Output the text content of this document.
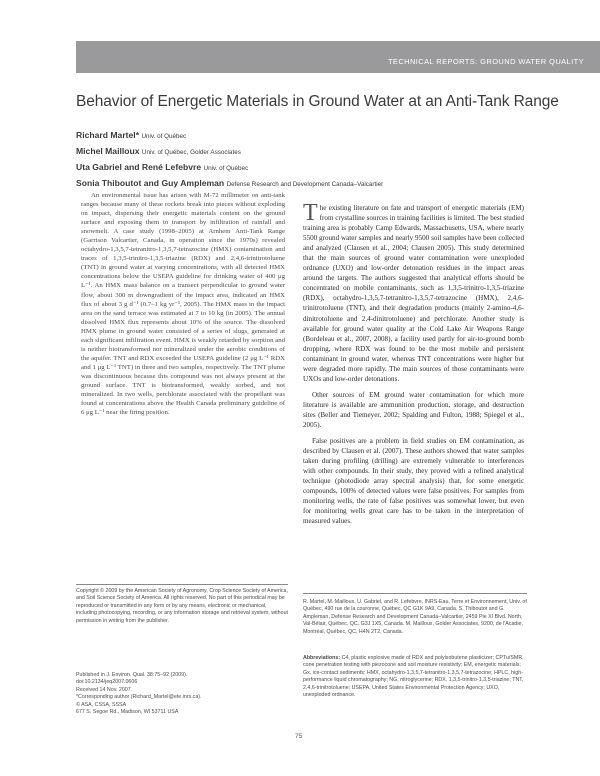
TECHNICAL REPORTS: GROUND WATER QUALITY
Behavior of Energetic Materials in Ground Water at an Anti-Tank Range
Richard Martel* Univ. of Québec
Michel Mailloux Univ. of Québec, Golder Associates
Uta Gabriel and René Lefebvre Univ. of Québec
Sonia Thiboutot and Guy Ampleman Defense Research and Development Canada–Valcartier

An environmental issue has arisen with M-72 millimeter on anti-tank ranges because many of these rockets break into pieces without exploding on impact, dispersing their energetic materials content on the ground surface and exposing them to transport by infiltration of rainfall and snowmelt. A case study (1998–2005) at Arnhem Anti-Tank Range (Garrison Valcartier, Canada, in operation since the 1970s) revealed octahydro-1,3,5,7-tetranitro-1,3,5,7-tetrazocine (HMX) contamination and traces of 1,3,5-trinitro-1,3,5-triazine (RDX) and 2,4,6-trinitrotoluene (TNT) in ground water at varying concentrations, with all detected HMX concentrations below the USEPA guideline for drinking water of 400 μg L⁻¹. An HMX mass balance on a transect perpendicular to ground water flow, about 300 m downgradient of the impact area, indicated an HMX flux of about 3 g d⁻¹ (0.7–1 kg yr⁻¹, 2005). The HMX mass in the impact area on the sand terrace was estimated at 7 to 10 kg (in 2005). The annual dissolved HMX flux represents about 10% of the source. The dissolved HMX plume in ground water consisted of a series of slugs, generated at each significant infiltration event. HMX is weakly retarded by sorption and is neither biotransformed nor mineralized under the aerobic conditions of the aquifer. TNT and RDX exceeded the USEPA guideline (2 μg L⁻¹ RDX and 1 μg L⁻¹ TNT) in three and two samples, respectively. The TNT plume was discontinuous because this compound was not always present at the ground surface. TNT is biotransformed, weakly sorbed, and not mineralized. In two wells, perchlorate associated with the propellant was found at concentrations above the Health Canada preliminary guideline of 6 μg L⁻¹ near the firing position.

The existing literature on fate and transport of energetic materials (EM) from crystalline sources in training facilities is limited. The best studied training area is probably Camp Edwards, Massachusetts, USA, where nearly 5500 ground water samples and nearly 9500 soil samples have been collected and analyzed (Clausen et al., 2004; Clausen 2005). This study determined that the main sources of ground water contamination were unexploded ordnance (UXO) and low-order detonation residues in the impact areas around the targets. The authors suggested that analytical efforts should be concentrated on mobile contaminants, such as 1,3,5-trinitro-1,3,5-triazine (RDX), octahydro-1,3,5,7-tetranitro-1,3,5,7-tetrazocine (HMX), 2,4,6-trinitrotoluene (TNT), and their degradation products (mainly 2-amino-4,6-dinitrotoluene and 2,4-dinitrotoluene) and perchlorate. Another study is available for ground water quality at the Cold Lake Air Weapons Range (Bordeleau et al., 2007, 2008), a facility used partly for air-to-ground bomb dropping, where RDX was found to be the most mobile and persistent contaminant in ground water, whereas TNT concentrations were higher but were degraded more rapidly. The main sources of those contaminants were UXOs and low-order detonations.

Other sources of EM ground water contamination for which more literature is available are ammunition production, storage, and destruction sites (Beller and Tiemeyer, 2002; Spalding and Fulton, 1988; Spiegel et al., 2005).

False positives are a problem in field studies on EM contamination, as described by Clausen et al. (2007). These authors showed that water samples taken during profiling (drilling) are extremely vulnerable to interferences with other compounds. In their study, they proved with a refined analytical technique (photodiode array spectral analysis) that, for some energetic compounds, 100% of detected values were false positives. For samples from monitoring wells, the rate of false positives was somewhat lower, but even for monitoring wells great care has to be taken in the interpretation of measured values.

Copyright © 2009 by the American Society of Agronomy, Crop Science Society of America, and Soil Science Society of America. All rights reserved. No part of this periodical may be reproduced or transmitted in any form or by any means, electronic or mechanical, including photocopying, recording, or any information storage and retrieval system, without permission in writing from the publisher.

Published in J. Environ. Qual. 38:75–92 (2009).
doi:10.2134/jeq2007.0606
Received 14 Nov. 2007.
*Corresponding author (Richard_Martel@ete.inrs.ca).
© ASA, CSSA, SSSA
677 S. Segoe Rd., Madison, WI 53711 USA

R. Martel, M. Mailloux, U. Gabriel, and R. Lefebvre, INRS-Eau, Terre et Environnement, Univ. of Québec, 490 rue de la couronne, Québec, QC G1K 9A9, Canada. S. Thiboutot and G. Ampleman, Defense Research and Development Canada–Valcartier, 2459 Pie XI Blvd. North, Val-Bélair, Québec, QC, G3J 1X5, Canada. M. Mailloux, Golder Associates, 9200, de l'Acadie, Montréal, Québec, QC, H4N 2T2, Canada.

Abbreviations: C4, plastic explosive made of RDX and polyisobutene plasticizer; CPTu/SMR, cone penetration testing with piezocone and soil moisture resistivity; EM, energetic materials; Gx, ice-contact sediments; HMX, octahydro-1,3,5,7-tetranitro-1,3,5,7-tetrazocine; HPLC, high-performance liquid chromatography; NG, nitroglycerine; RDX, 1,3,5-trinitro-1,3,5-triazine; TNT, 2,4,6-trinitrotoluene; USEPA, United States Environmental Protection Agency; UXO, unexploded ordnance.

75
